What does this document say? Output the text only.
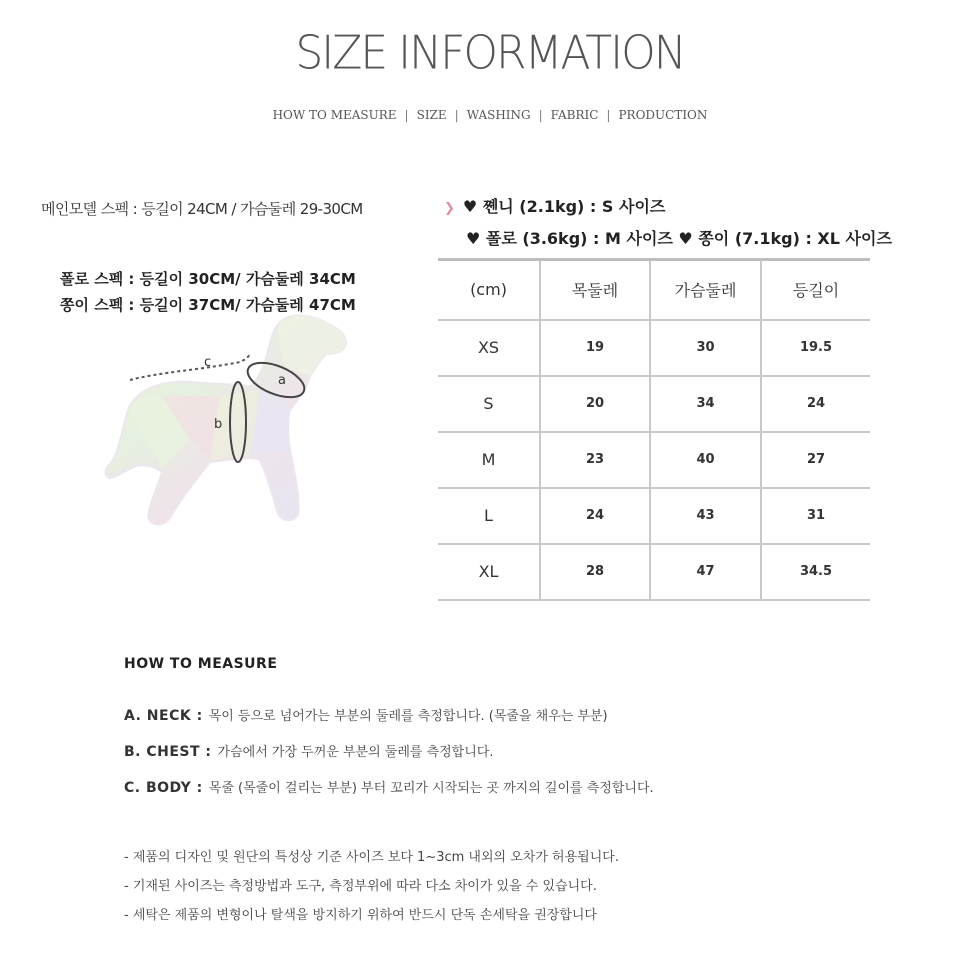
SIZE INFORMATION
HOW TO MEASURE | SIZE | WASHING | FABRIC | PRODUCTION
메인모델 스펙 : 등길이 24CM / 가슴둘레 29-30CM
폴로 스펙 : 등길이 30CM/ 가슴둘레 34CM
쫑이 스펙 : 등길이 37CM/ 가슴둘레 47CM
c
a
b
❯ ♥ 쪤니 (2.1kg) : S 사이즈
♥ 폴로 (3.6kg) : M 사이즈 ♥ 쫑이 (7.1kg) : XL 사이즈
(cm)	목둘레	가슴둘레	등길이
XS	19	30	19.5
S	20	34	24
M	23	40	27
L	24	43	31
XL	28	47	34.5
HOW TO MEASURE
A. NECK : 목이 등으로 넘어가는 부분의 둘레를 측정합니다. (목줄을 채우는 부분)
B. CHEST : 가슴에서 가장 두꺼운 부분의 둘레를 측정합니다.
C. BODY : 목줄 (목줄이 걸리는 부분) 부터 꼬리가 시작되는 곳 까지의 길이를 측정합니다.
- 제품의 디자인 및 원단의 특성상 기준 사이즈 보다 1~3cm 내외의 오차가 허용됩니다.
- 기재된 사이즈는 측정방법과 도구, 측정부위에 따라 다소 차이가 있을 수 있습니다.
- 세탁은 제품의 변형이나 탈색을 방지하기 위하여 반드시 단독 손세탁을 권장합니다
